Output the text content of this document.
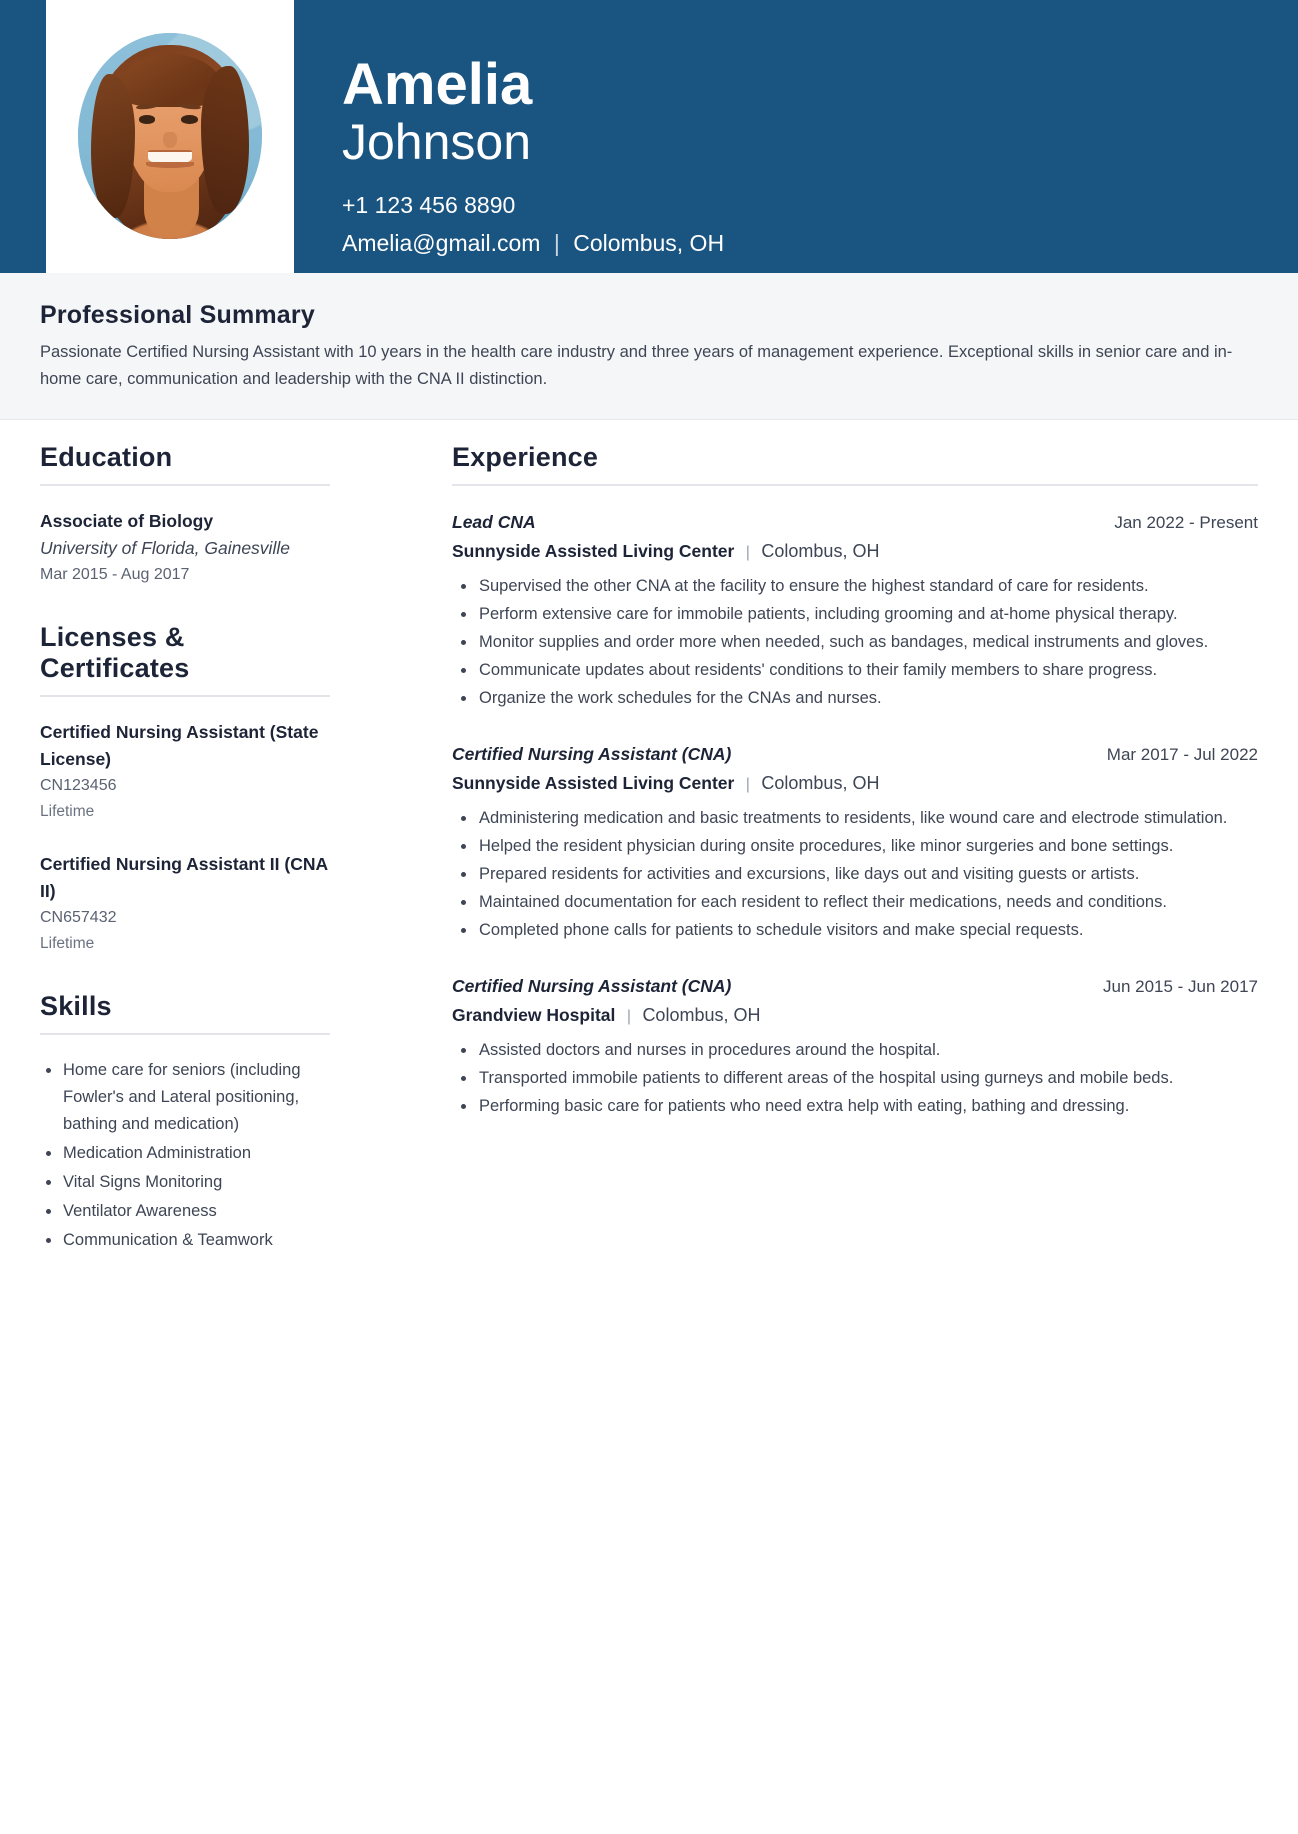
Amelia
Johnson
+1 123 456 8890
Amelia@gmail.com | Colombus, OH
Professional Summary

Passionate Certified Nursing Assistant with 10 years in the health care industry and three years of management experience. Exceptional skills in senior care and in-home care, communication and leadership with the CNA II distinction.

Education
Associate of Biology
University of Florida, Gainesville
Mar 2015 - Aug 2017
Licenses & Certificates
Certified Nursing Assistant (State License)
CN123456
Lifetime
Certified Nursing Assistant II (CNA II)
CN657432
Lifetime
Skills
Home care for seniors (including Fowler's and Lateral positioning, bathing and medication)
Medication Administration
Vital Signs Monitoring
Ventilator Awareness
Communication & Teamwork
Experience
Lead CNA	Jan 2022 - Present
Sunnyside Assisted Living Center | Colombus, OH
Supervised the other CNA at the facility to ensure the highest standard of care for residents.
Perform extensive care for immobile patients, including grooming and at-home physical therapy.
Monitor supplies and order more when needed, such as bandages, medical instruments and gloves.
Communicate updates about residents' conditions to their family members to share progress.
Organize the work schedules for the CNAs and nurses.
Certified Nursing Assistant (CNA)	Mar 2017 - Jul 2022
Sunnyside Assisted Living Center | Colombus, OH
Administering medication and basic treatments to residents, like wound care and electrode stimulation.
Helped the resident physician during onsite procedures, like minor surgeries and bone settings.
Prepared residents for activities and excursions, like days out and visiting guests or artists.
Maintained documentation for each resident to reflect their medications, needs and conditions.
Completed phone calls for patients to schedule visitors and make special requests.
Certified Nursing Assistant (CNA)	Jun 2015 - Jun 2017
Grandview Hospital | Colombus, OH
Assisted doctors and nurses in procedures around the hospital.
Transported immobile patients to different areas of the hospital using gurneys and mobile beds.
Performing basic care for patients who need extra help with eating, bathing and dressing.
